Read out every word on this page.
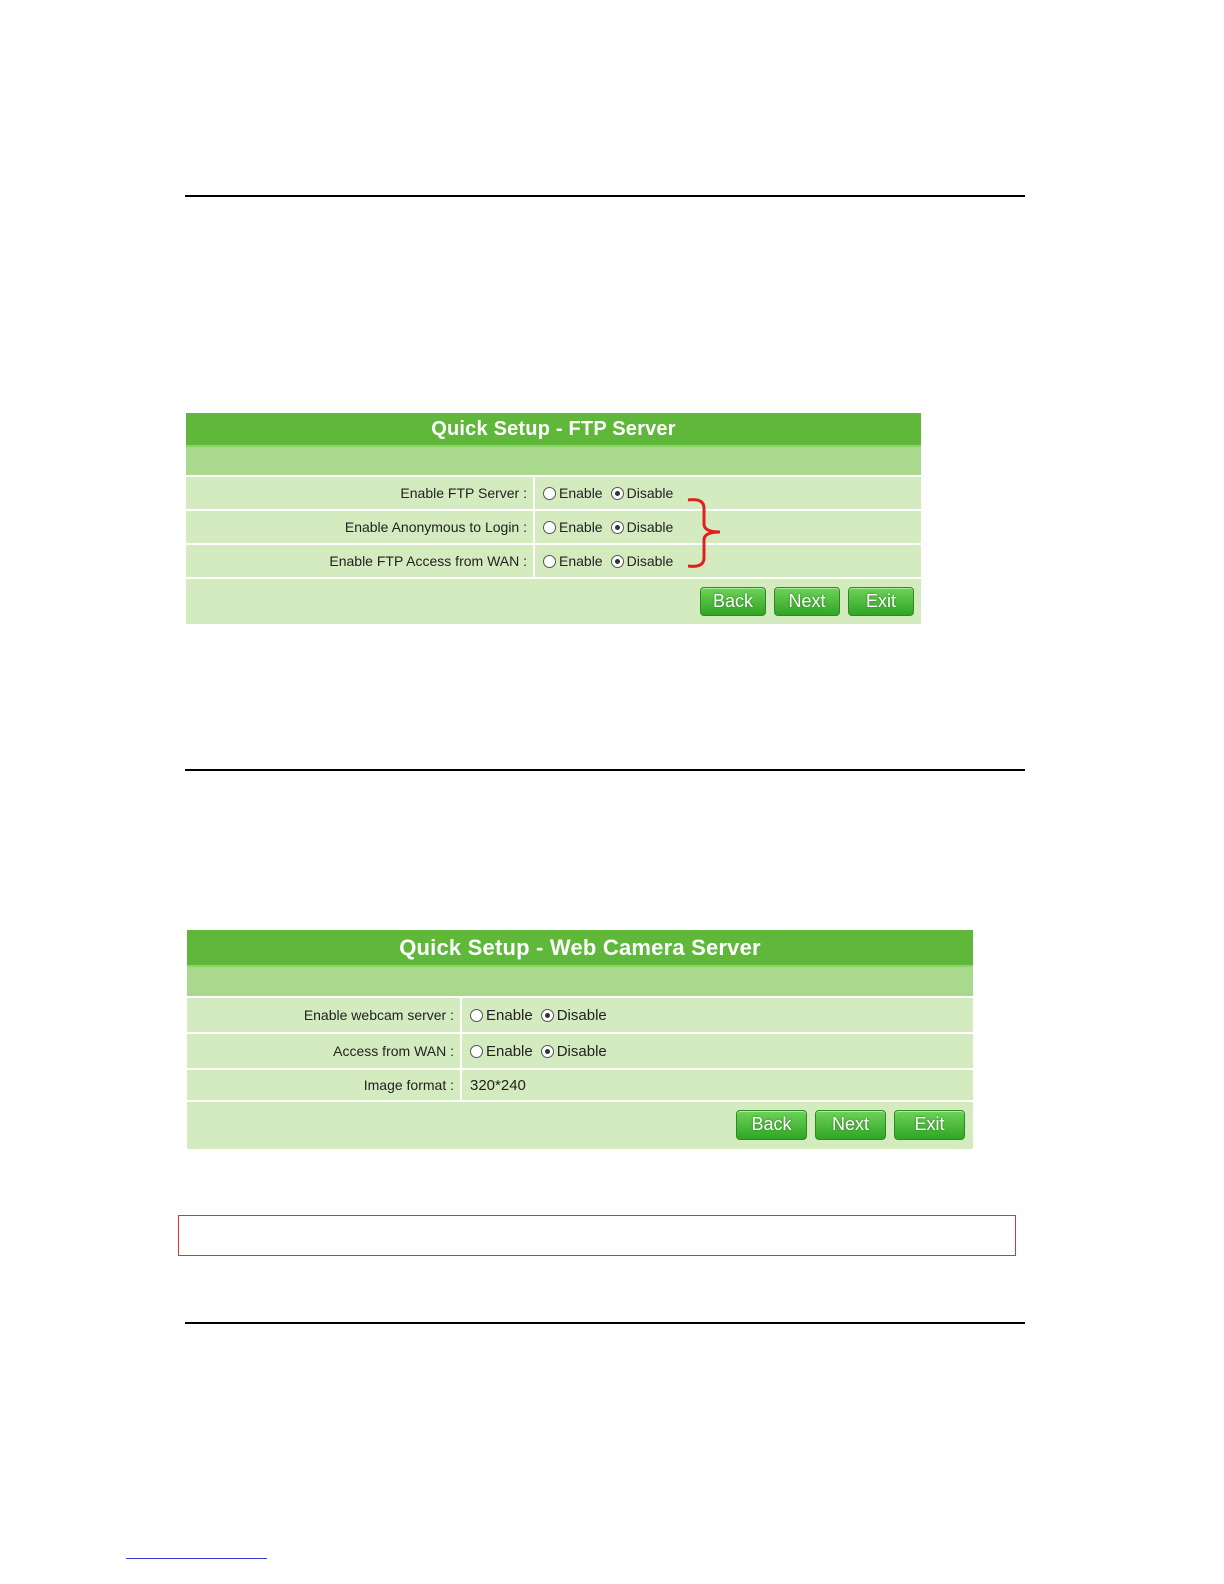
Quick Setup - FTP Server
Enable FTP Server :	Enable Disable
Enable Anonymous to Login :	Enable Disable
Enable FTP Access from WAN :	Enable Disable
Back	Next	Exit
Quick Setup - Web Camera Server
Enable webcam server :	Enable Disable
Access from WAN :	Enable Disable
Image format :	320*240
Back	Next	Exit
